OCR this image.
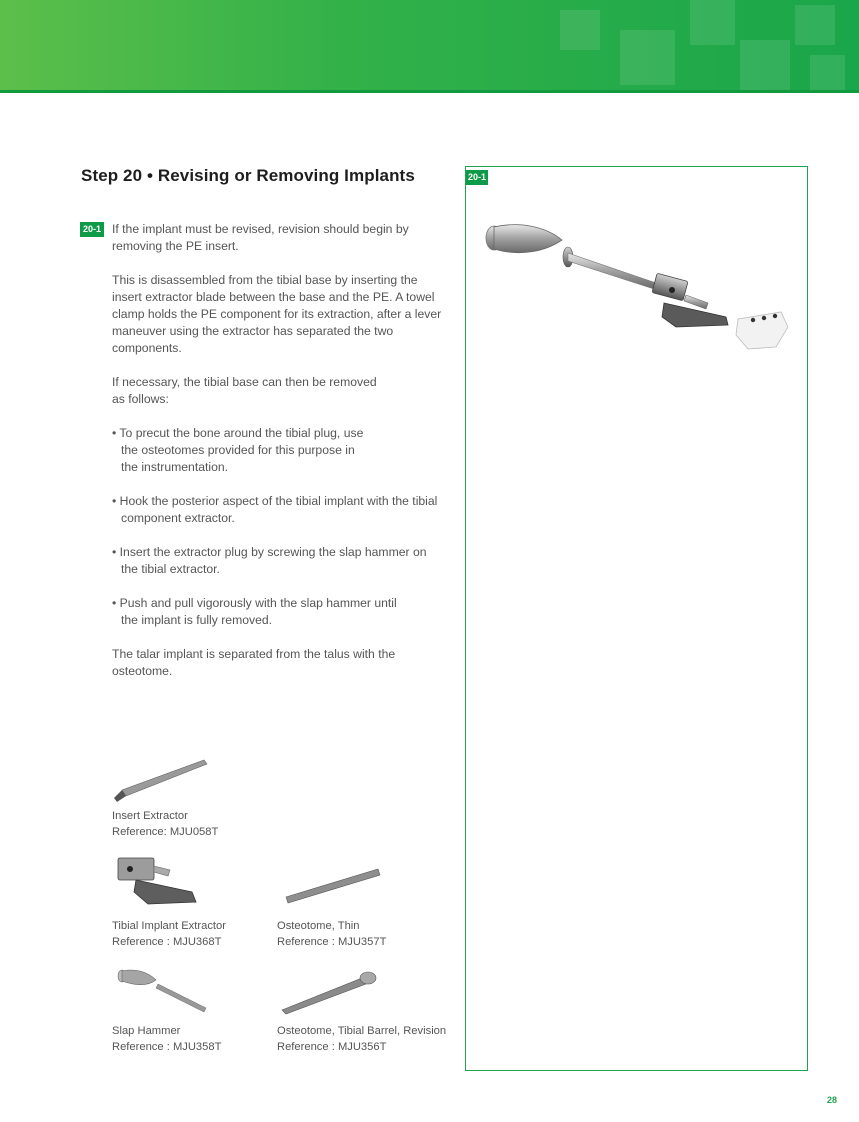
Step 20 • Revising or Removing Implants
20-1 If the implant must be revised, revision should begin by removing the PE insert.

This is disassembled from the tibial base by inserting the insert extractor blade between the base and the PE. A towel clamp holds the PE component for its extraction, after a lever maneuver using the extractor has separated the two components.

If necessary, the tibial base can then be removed as follows:

• To precut the bone around the tibial plug, use the osteotomes provided for this purpose in the instrumentation.

• Hook the posterior aspect of the tibial implant with the tibial component extractor.

• Insert the extractor plug by screwing the slap hammer on the tibial extractor.

• Push and pull vigorously with the slap hammer until the implant is fully removed.

The talar implant is separated from the talus with the osteotome.

20-1
Insert Extractor
Reference: MJU058T
Tibial Implant Extractor
Reference : MJU368T
Osteotome, Thin
Reference : MJU357T
Slap Hammer
Reference : MJU358T
Osteotome, Tibial Barrel, Revision
Reference : MJU356T
28
